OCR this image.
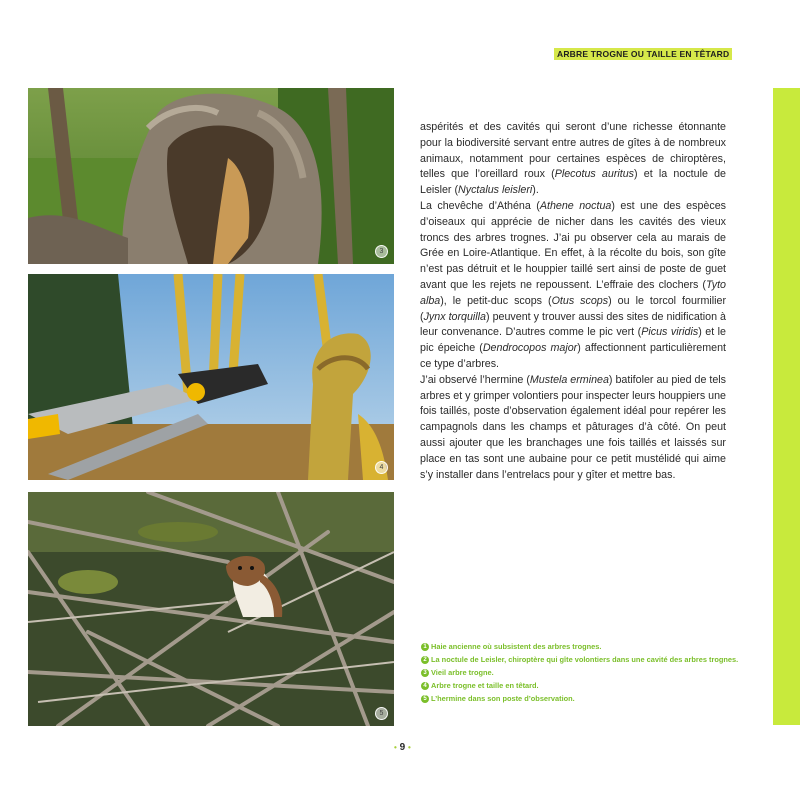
ARBRE TROGNE OU TAILLE EN TÊTARD
3
4
5

aspérités et des cavités qui seront d’une richesse étonnante pour la biodiversité servant entre autres de gîtes à de nombreux animaux, notamment pour certaines espèces de chiroptères, telles que l’oreillard roux (Plecotus auritus) et la noctule de Leisler (Nyctalus leisleri).

La chevêche d’Athéna (Athene noctua) est une des espèces d’oiseaux qui apprécie de nicher dans les cavités des vieux troncs des arbres trognes. J’ai pu observer cela au marais de Grée en Loire-Atlantique. En effet, à la récolte du bois, son gîte n’est pas détruit et le houppier taillé sert ainsi de poste de guet avant que les rejets ne repoussent. L’effraie des clochers (Tyto alba), le petit-duc scops (Otus scops) ou le torcol fourmilier (Jynx torquilla) peuvent y trouver aussi des sites de nidification à leur convenance. D’autres comme le pic vert (Picus viridis) et le pic épeiche (Dendrocopos major) affectionnent particulièrement ce type d’arbres.

J’ai observé l’hermine (Mustela erminea) batifoler au pied de tels arbres et y grimper volontiers pour inspecter leurs houppiers une fois taillés, poste d’observation également idéal pour repérer les campagnols dans les champs et pâturages d’à côté. On peut aussi ajouter que les branchages une fois taillés et laissés sur place en tas sont une aubaine pour ce petit mustélidé qui aime s’y installer dans l’entrelacs pour y gîter et mettre bas.

1 Haie ancienne où subsistent des arbres trognes.
2 La noctule de Leisler, chiroptère qui gîte volontiers dans une cavité des arbres trognes.
3 Vieil arbre trogne.
4 Arbre trogne et taille en têtard.
5 L’hermine dans son poste d’observation.
• 9 •
